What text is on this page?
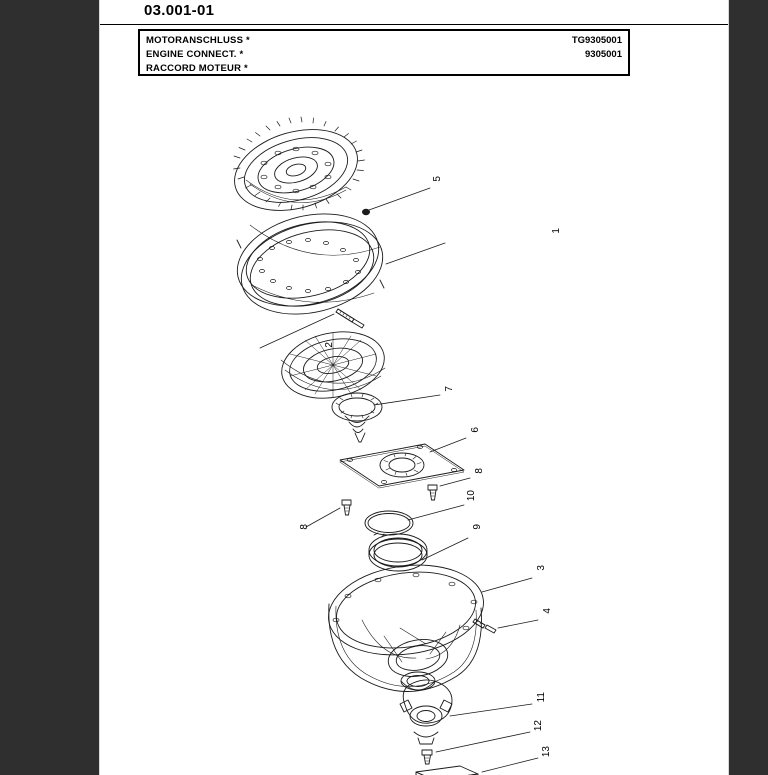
03.001-01
MOTORANSCHLUSS *
ENGINE CONNECT. *
RACCORD MOTEUR *
TG9305001
9305001
1
2
3
4
5
6
7
8
8	9
10
11
12
13
